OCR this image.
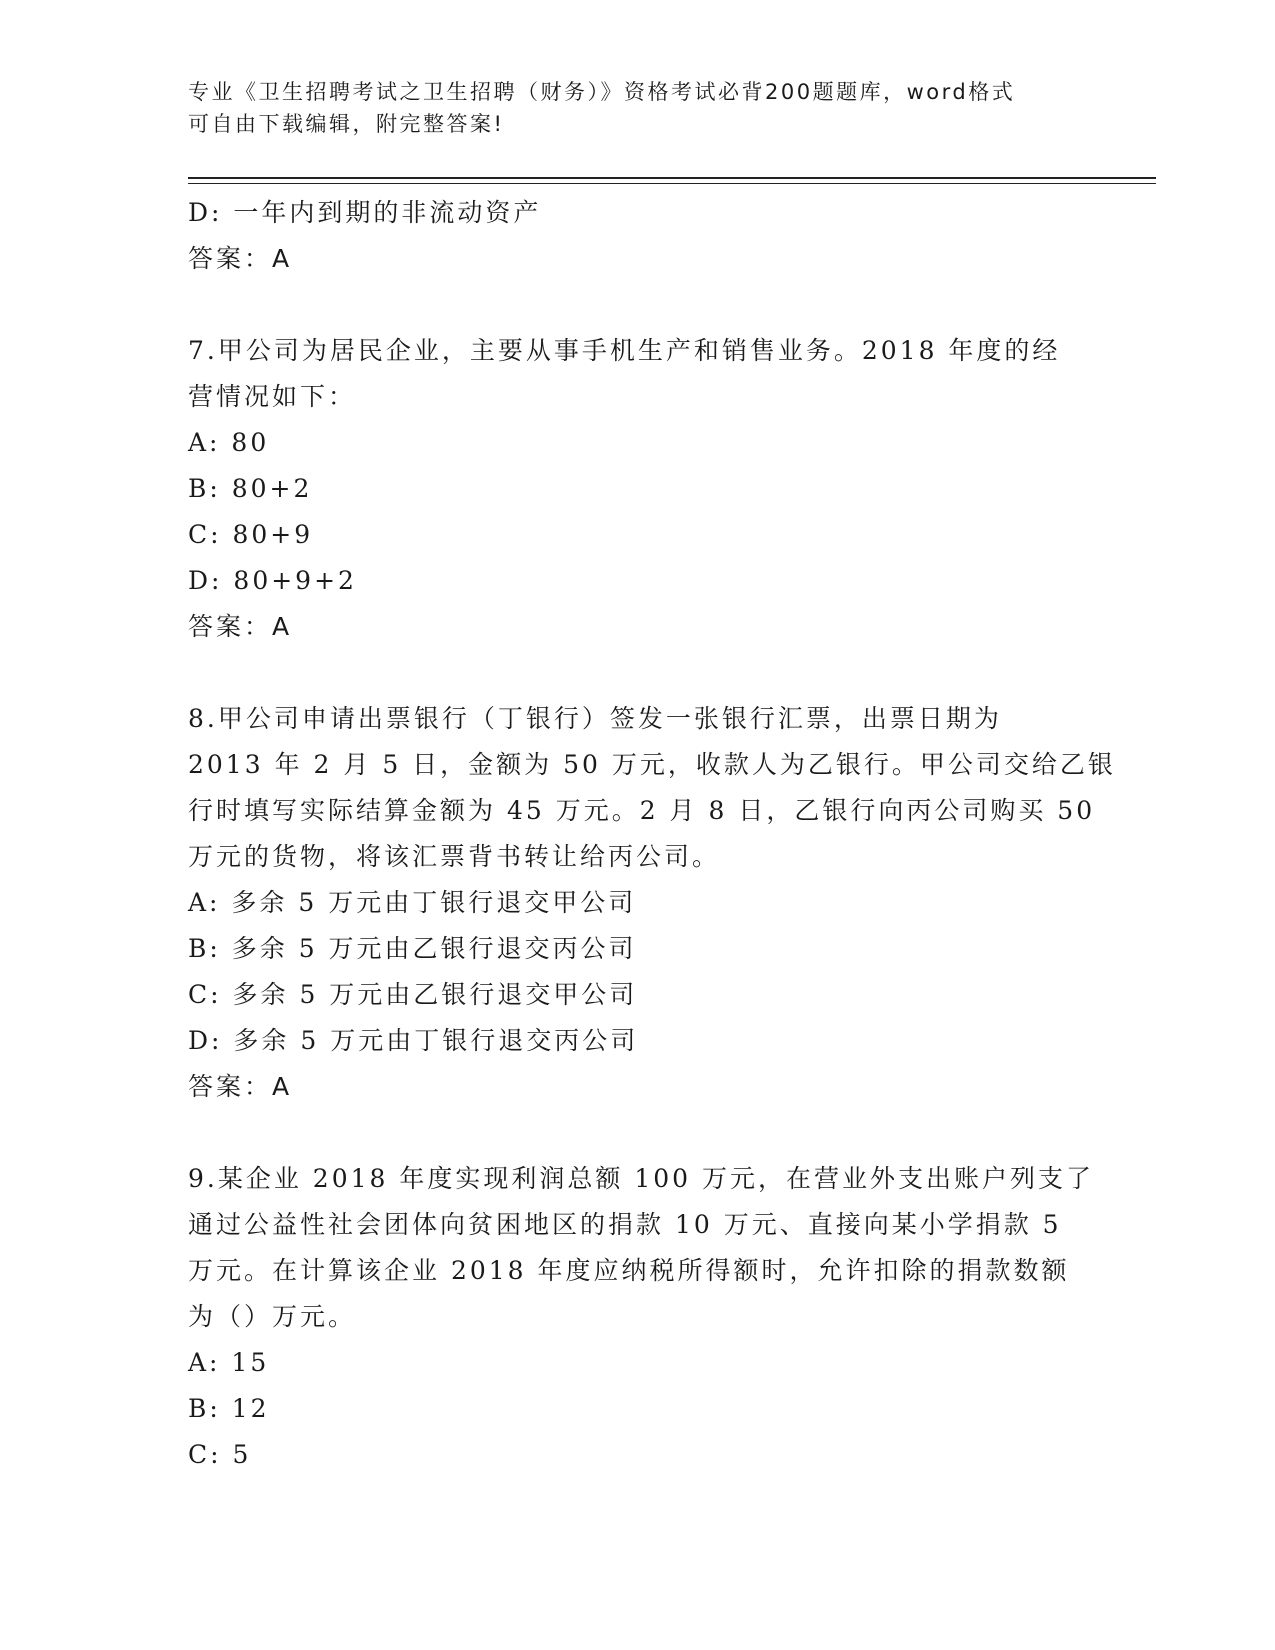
专业《卫生招聘考试之卫生招聘（财务）》资格考试必背200题题库，word格式
可自由下载编辑，附完整答案!
D: 一年内到期的非流动资产
答案：A
7.甲公司为居民企业，主要从事手机生产和销售业务。2018 年度的经
营情况如下：
A: 80
B: 80+2
C: 80+9
D: 80+9+2
答案：A
8.甲公司申请出票银行（丁银行）签发一张银行汇票，出票日期为
2013 年 2 月 5 日，金额为 50 万元，收款人为乙银行。甲公司交给乙银
行时填写实际结算金额为 45 万元。2 月 8 日，乙银行向丙公司购买 50
万元的货物，将该汇票背书转让给丙公司。
A: 多余 5 万元由丁银行退交甲公司
B: 多余 5 万元由乙银行退交丙公司
C: 多余 5 万元由乙银行退交甲公司
D: 多余 5 万元由丁银行退交丙公司
答案：A
9.某企业 2018 年度实现利润总额 100 万元，在营业外支出账户列支了
通过公益性社会团体向贫困地区的捐款 10 万元、直接向某小学捐款 5
万元。在计算该企业 2018 年度应纳税所得额时，允许扣除的捐款数额
为（）万元。
A: 15
B: 12
C: 5
